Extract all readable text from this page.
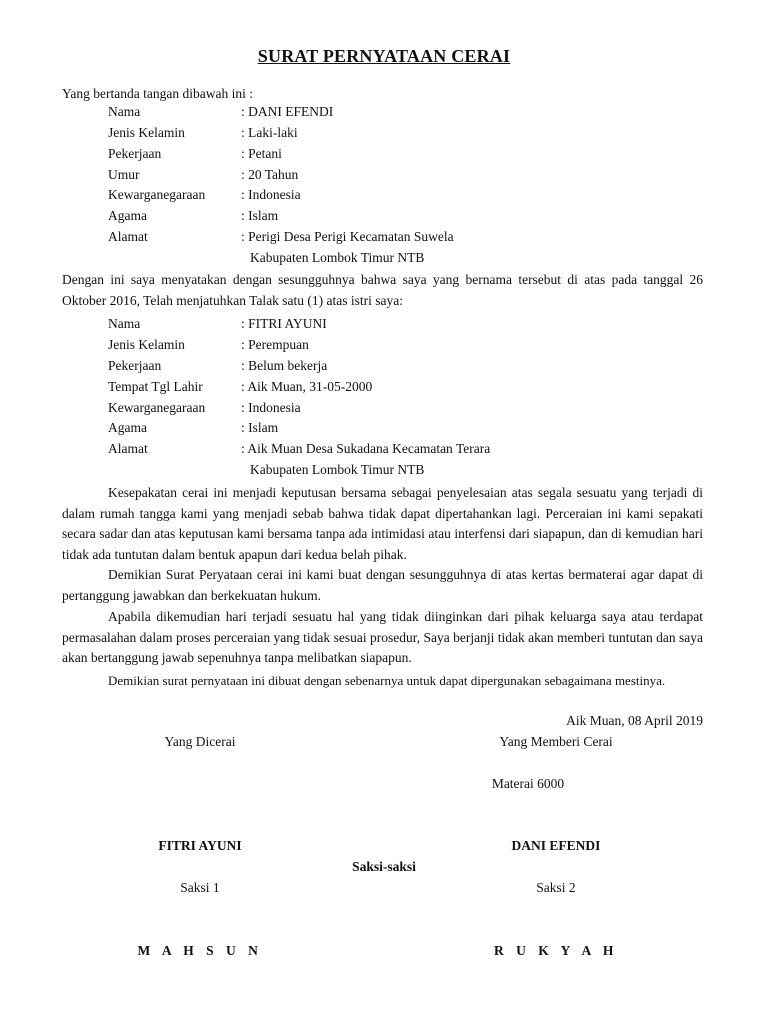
SURAT PERNYATAAN CERAI
Yang bertanda tangan dibawah ini :
Nama	: DANI EFENDI
Jenis Kelamin	: Laki-laki
Pekerjaan	: Petani
Umur	: 20 Tahun
Kewarganegaraan	: Indonesia
Agama	: Islam
Alamat	: Perigi Desa Perigi Kecamatan Suwela
Kabupaten Lombok Timur NTB
Dengan ini saya menyatakan dengan sesungguhnya bahwa saya yang bernama tersebut di atas pada tanggal 26 Oktober 2016, Telah menjatuhkan Talak satu (1) atas istri saya:
Nama	: FITRI AYUNI
Jenis Kelamin	: Perempuan
Pekerjaan	: Belum bekerja
Tempat Tgl Lahir	: Aik Muan, 31-05-2000
Kewarganegaraan	: Indonesia
Agama	: Islam
Alamat	: Aik Muan Desa Sukadana Kecamatan Terara
Kabupaten Lombok Timur NTB
Kesepakatan cerai ini menjadi keputusan bersama sebagai penyelesaian atas segala sesuatu yang terjadi di dalam rumah tangga kami yang menjadi sebab bahwa tidak dapat dipertahankan lagi. Perceraian ini kami sepakati secara sadar dan atas keputusan kami bersama tanpa ada intimidasi atau interfensi dari siapapun, dan di kemudian hari tidak ada tuntutan dalam bentuk apapun dari kedua belah pihak.
Demikian Surat Peryataan cerai ini kami buat dengan sesungguhnya di atas kertas bermaterai agar dapat di pertanggung jawabkan dan berkekuatan hukum.
Apabila dikemudian hari terjadi sesuatu hal yang tidak diinginkan dari pihak keluarga saya atau terdapat permasalahan dalam proses perceraian yang tidak sesuai prosedur, Saya berjanji tidak akan memberi tuntutan dan saya akan bertanggung jawab sepenuhnya tanpa melibatkan siapapun.
Demikian surat pernyataan ini dibuat dengan sebenarnya untuk dapat dipergunakan sebagaimana mestinya.
Aik Muan, 08 April 2019
Yang Dicerai	Yang Memberi Cerai
Materai 6000
FITRI AYUNI	DANI EFENDI
Saksi-saksi
Saksi 1	Saksi 2
M A H S U N	R U K Y A H
